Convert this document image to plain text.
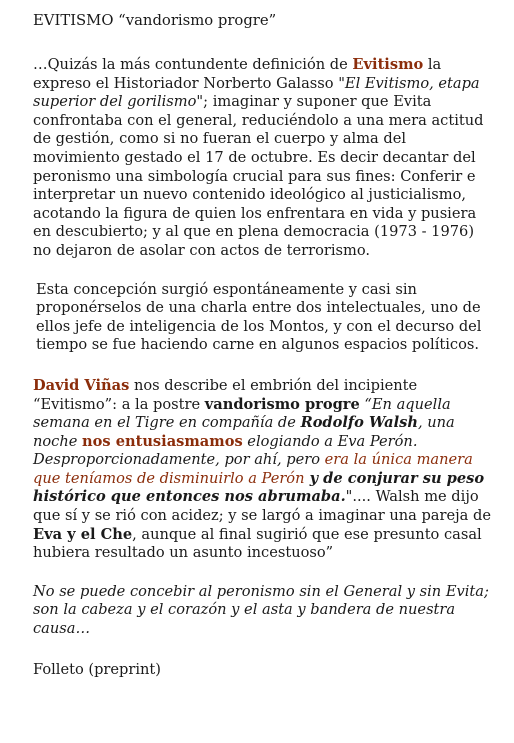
EVITISMO “vandorismo progre”

…Quizás la más contundente definición de Evitismo la expreso el Historiador Norberto Galasso "El Evitismo, etapa superior del gorilismo"; imaginar y suponer que Evita confrontaba con el general, reduciéndolo a una mera actitud de gestión, como si no fueran el cuerpo y alma del movimiento gestado el 17 de octubre. Es decir decantar del peronismo una simbología crucial para sus fines: Conferir e interpretar un nuevo contenido ideológico al justicialismo, acotando la figura de quien los enfrentara en vida y pusiera en descubierto; y al que en plena democracia (1973 - 1976) no dejaron de asolar con actos de terrorismo.

Esta concepción surgió espontáneamente y casi sin proponérselos de una charla entre dos intelectuales, uno de ellos jefe de inteligencia de los Montos, y con el decurso del tiempo se fue haciendo carne en algunos espacios políticos.

David Viñas nos describe el embrión del incipiente “Evitismo”: a la postre vandorismo progre “En aquella semana en el Tigre en compañía de Rodolfo Walsh, una noche nos entusiasmamos elogiando a Eva Perón. Desproporcionadamente, por ahí, pero era la única manera que teníamos de disminuirlo a Perón y de conjurar su peso histórico que entonces nos abrumaba.".... Walsh me dijo que sí y se rió con acidez; y se largó a imaginar una pareja de Eva y el Che, aunque al final sugirió que ese presunto casal hubiera resultado un asunto incestuoso”

No se puede concebir al peronismo sin el General y sin Evita; son la cabeza y el corazón y el asta y bandera de nuestra causa…

Folleto (preprint)
